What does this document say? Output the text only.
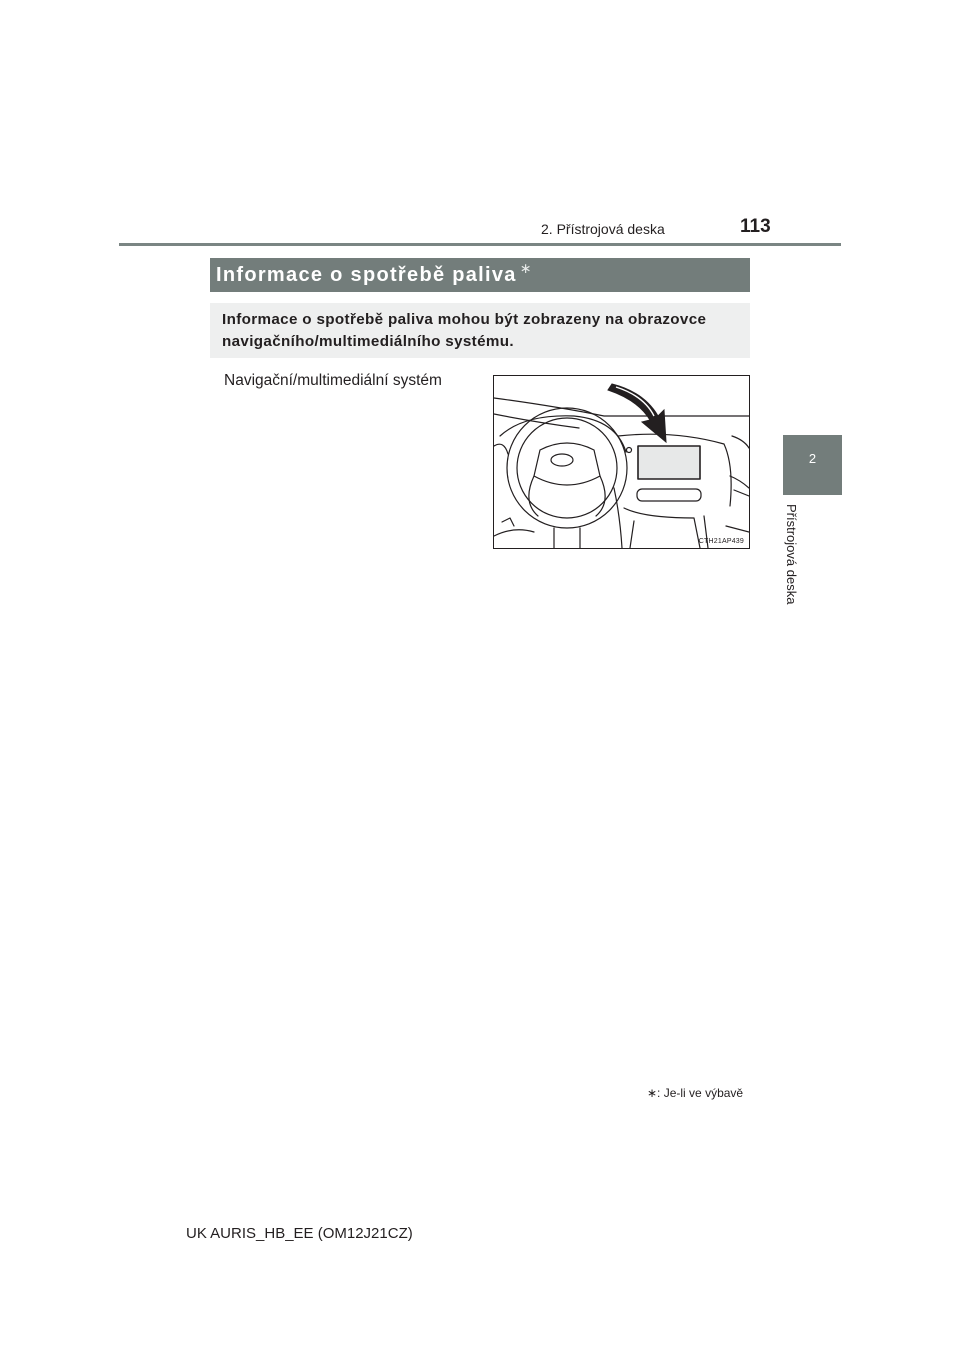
2. Přístrojová deska	113
2
Přístrojová deska
Informace o spotřebě paliva ∗
Informace o spotřebě paliva mohou být zobrazeny na obrazovce navigačního/multimediálního systému.
Navigační/multimediální systém
CTH21AP439
∗: Je-li ve výbavě
UK AURIS_HB_EE (OM12J21CZ)
